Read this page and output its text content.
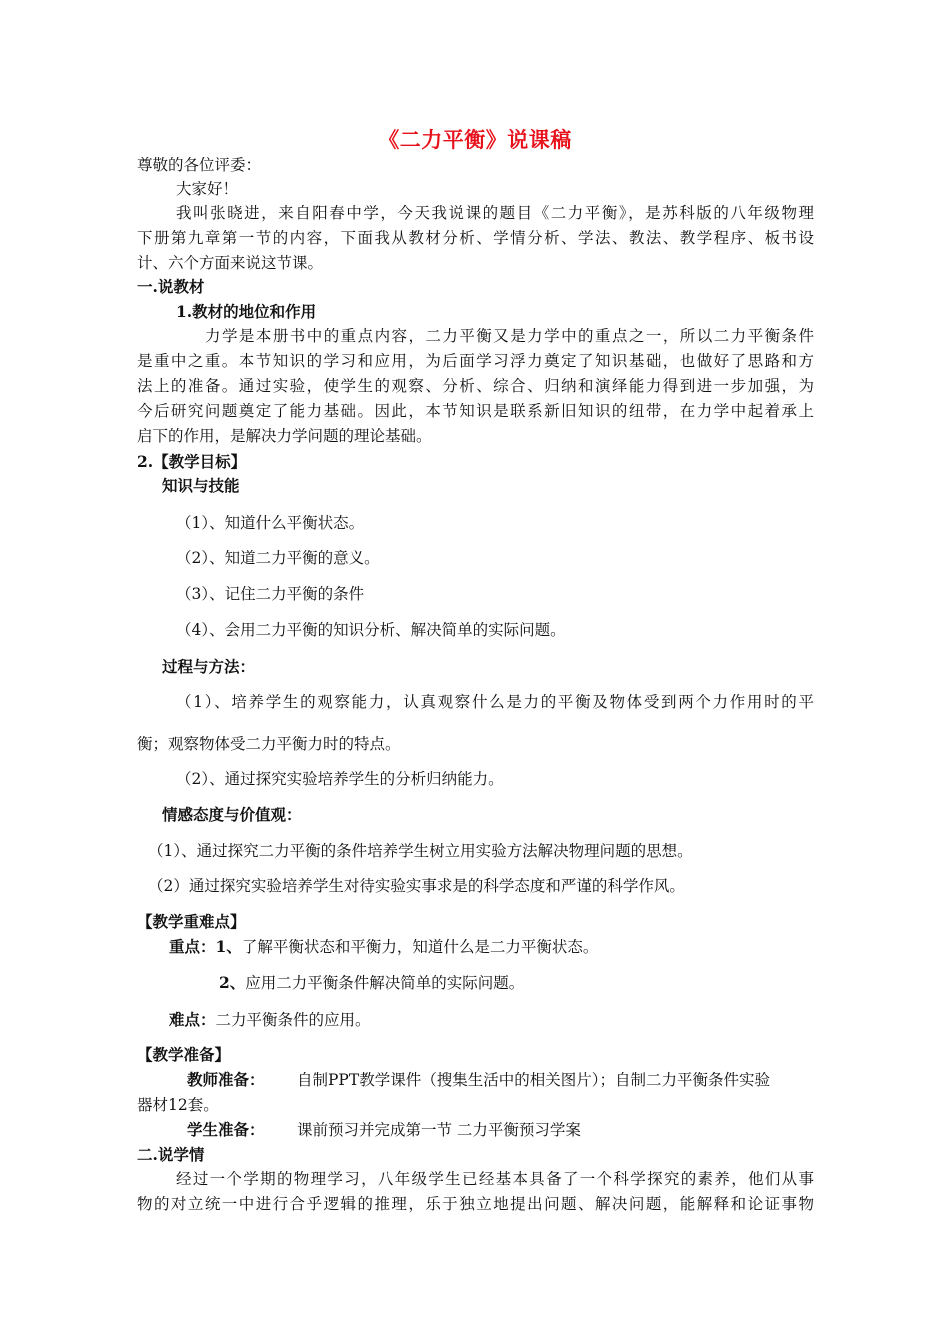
《二力平衡》说课稿
尊敬的各位评委：
大家好！
我叫张晓进，来自阳春中学，今天我说课的题目《二力平衡》，是苏科版的八年级物理
下册第九章第一节的内容，下面我从教材分析、学情分析、学法、教法、教学程序、板书设
计、六个方面来说这节课。
一.说教材
1.教材的地位和作用
力学是本册书中的重点内容，二力平衡又是力学中的重点之一，所以二力平衡条件
是重中之重。本节知识的学习和应用，为后面学习浮力奠定了知识基础，也做好了思路和方
法上的准备。通过实验，使学生的观察、分析、综合、归纳和演绎能力得到进一步加强，为
今后研究问题奠定了能力基础。因此，本节知识是联系新旧知识的纽带，在力学中起着承上
启下的作用，是解决力学问题的理论基础。
2.【教学目标】
知识与技能
（1）、知道什么平衡状态。
（2）、知道二力平衡的意义。
（3）、记住二力平衡的条件
（4）、会用二力平衡的知识分析、解决简单的实际问题。
过程与方法：
（1）、培养学生的观察能力，认真观察什么是力的平衡及物体受到两个力作用时的平
衡；观察物体受二力平衡力时的特点。
（2）、通过探究实验培养学生的分析归纳能力。
情感态度与价值观：
（1）、通过探究二力平衡的条件培养学生树立用实验方法解决物理问题的思想。
（2）通过探究实验培养学生对待实验实事求是的科学态度和严谨的科学作风。
【教学重难点】
重点：1、了解平衡状态和平衡力，知道什么是二力平衡状态。
2、应用二力平衡条件解决简单的实际问题。
难点：二力平衡条件的应用。
【教学准备】
教师准备： 自制PPT教学课件（搜集生活中的相关图片）；自制二力平衡条件实验
器材12套。
学生准备： 课前预习并完成第一节 二力平衡预习学案
二.说学情
经过一个学期的物理学习，八年级学生已经基本具备了一个科学探究的素养，他们从事
物的对立统一中进行合乎逻辑的推理，乐于独立地提出问题、解决问题，能解释和论证事物
